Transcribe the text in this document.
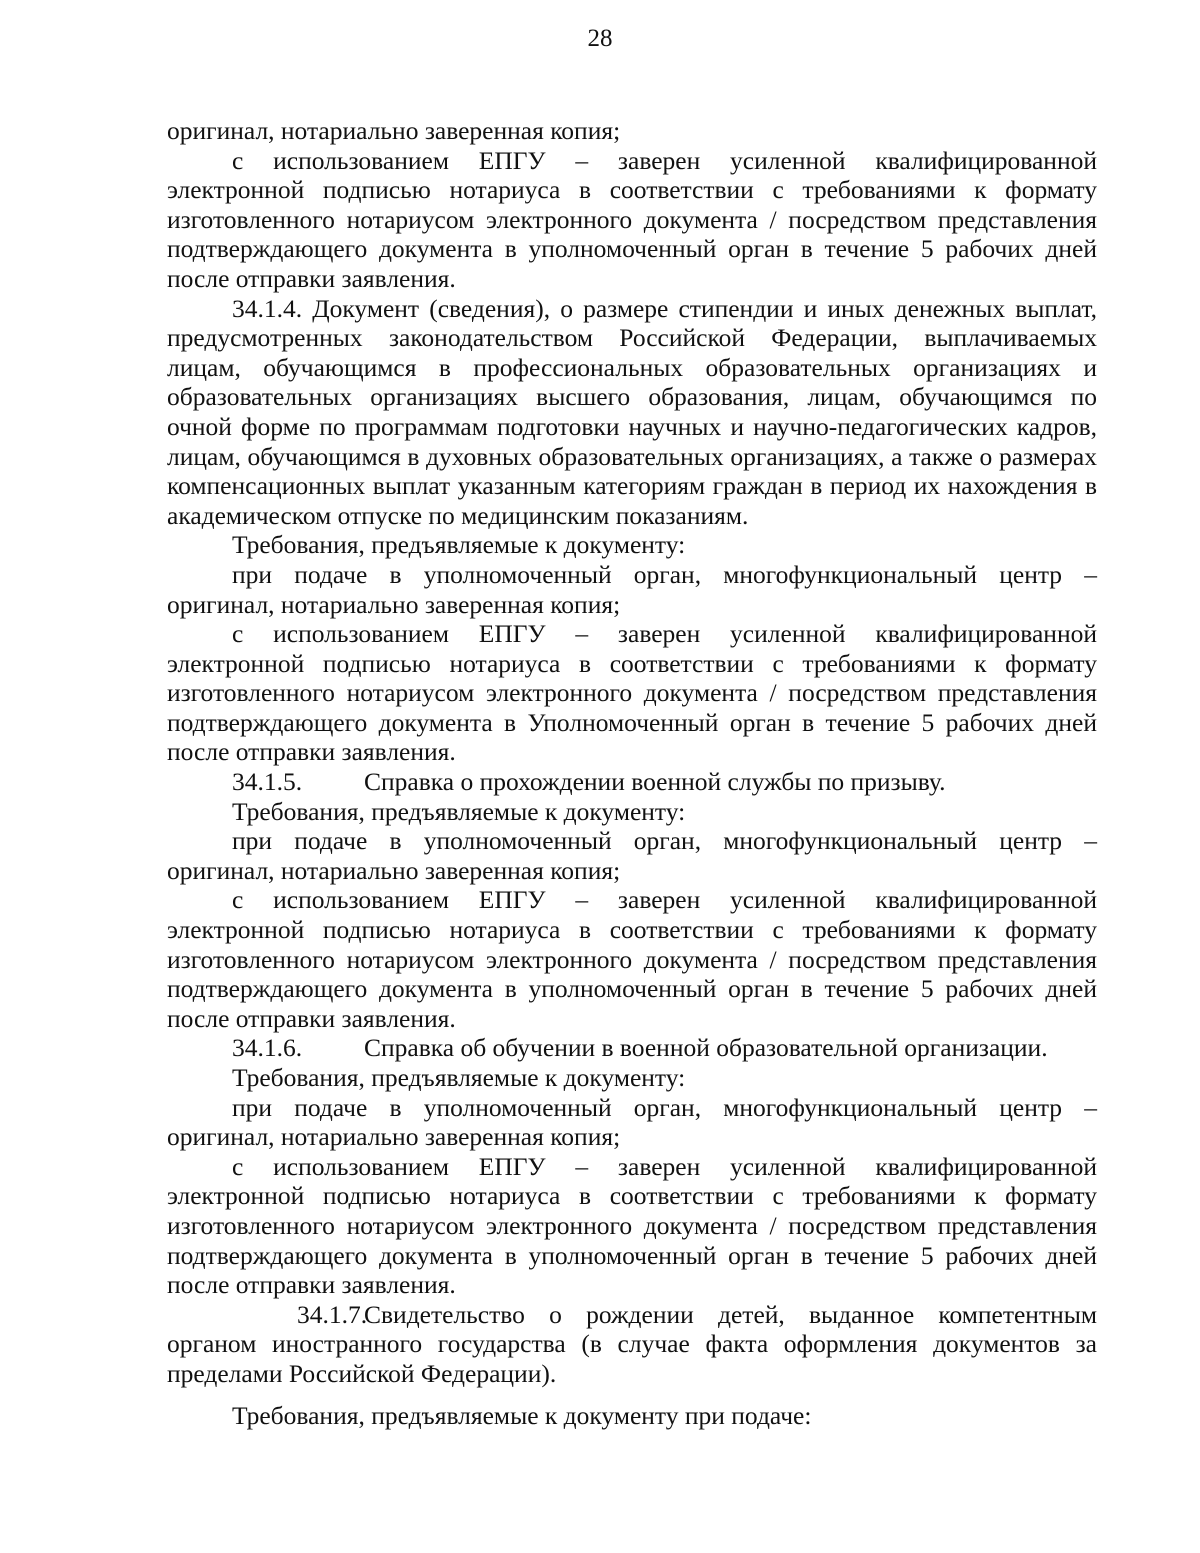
28

оригинал, нотариально заверенная копия;

с использованием ЕПГУ – заверен усиленной квалифицированной электронной подписью нотариуса в соответствии с требованиями к формату изготовленного нотариусом электронного документа / посредством представления подтверждающего документа в уполномоченный орган в течение 5 рабочих дней после отправки заявления.

34.1.4. Документ (сведения), о размере стипендии и иных денежных выплат, предусмотренных законодательством Российской Федерации, выплачиваемых лицам, обучающимся в профессиональных образовательных организациях и образовательных организациях высшего образования, лицам, обучающимся по очной форме по программам подготовки научных и научно-педагогических кадров, лицам, обучающимся в духовных образовательных организациях, а также о размерах компенсационных выплат указанным категориям граждан в период их нахождения в академическом отпуске по медицинским показаниям.

Требования, предъявляемые к документу:

при подаче в уполномоченный орган, многофункциональный центр – оригинал, нотариально заверенная копия;

с использованием ЕПГУ – заверен усиленной квалифицированной электронной подписью нотариуса в соответствии с требованиями к формату изготовленного нотариусом электронного документа / посредством представления подтверждающего документа в Уполномоченный орган в течение 5 рабочих дней после отправки заявления.

34.1.5.	Справка о прохождении военной службы по призыву.

Требования, предъявляемые к документу:

при подаче в уполномоченный орган, многофункциональный центр – оригинал, нотариально заверенная копия;

с использованием ЕПГУ – заверен усиленной квалифицированной электронной подписью нотариуса в соответствии с требованиями к формату изготовленного нотариусом электронного документа / посредством представления подтверждающего документа в уполномоченный орган в течение 5 рабочих дней после отправки заявления.

34.1.6.	Справка об обучении в военной образовательной организации.

Требования, предъявляемые к документу:

при подаче в уполномоченный орган, многофункциональный центр – оригинал, нотариально заверенная копия;

с использованием ЕПГУ – заверен усиленной квалифицированной электронной подписью нотариуса в соответствии с требованиями к формату изготовленного нотариусом электронного документа / посредством представления подтверждающего документа в уполномоченный орган в течение 5 рабочих дней после отправки заявления.

34.1.7.Свидетельство о рождении детей, выданное компетентным органом иностранного государства (в случае факта оформления документов за пределами Российской Федерации).

Требования, предъявляемые к документу при подаче:
